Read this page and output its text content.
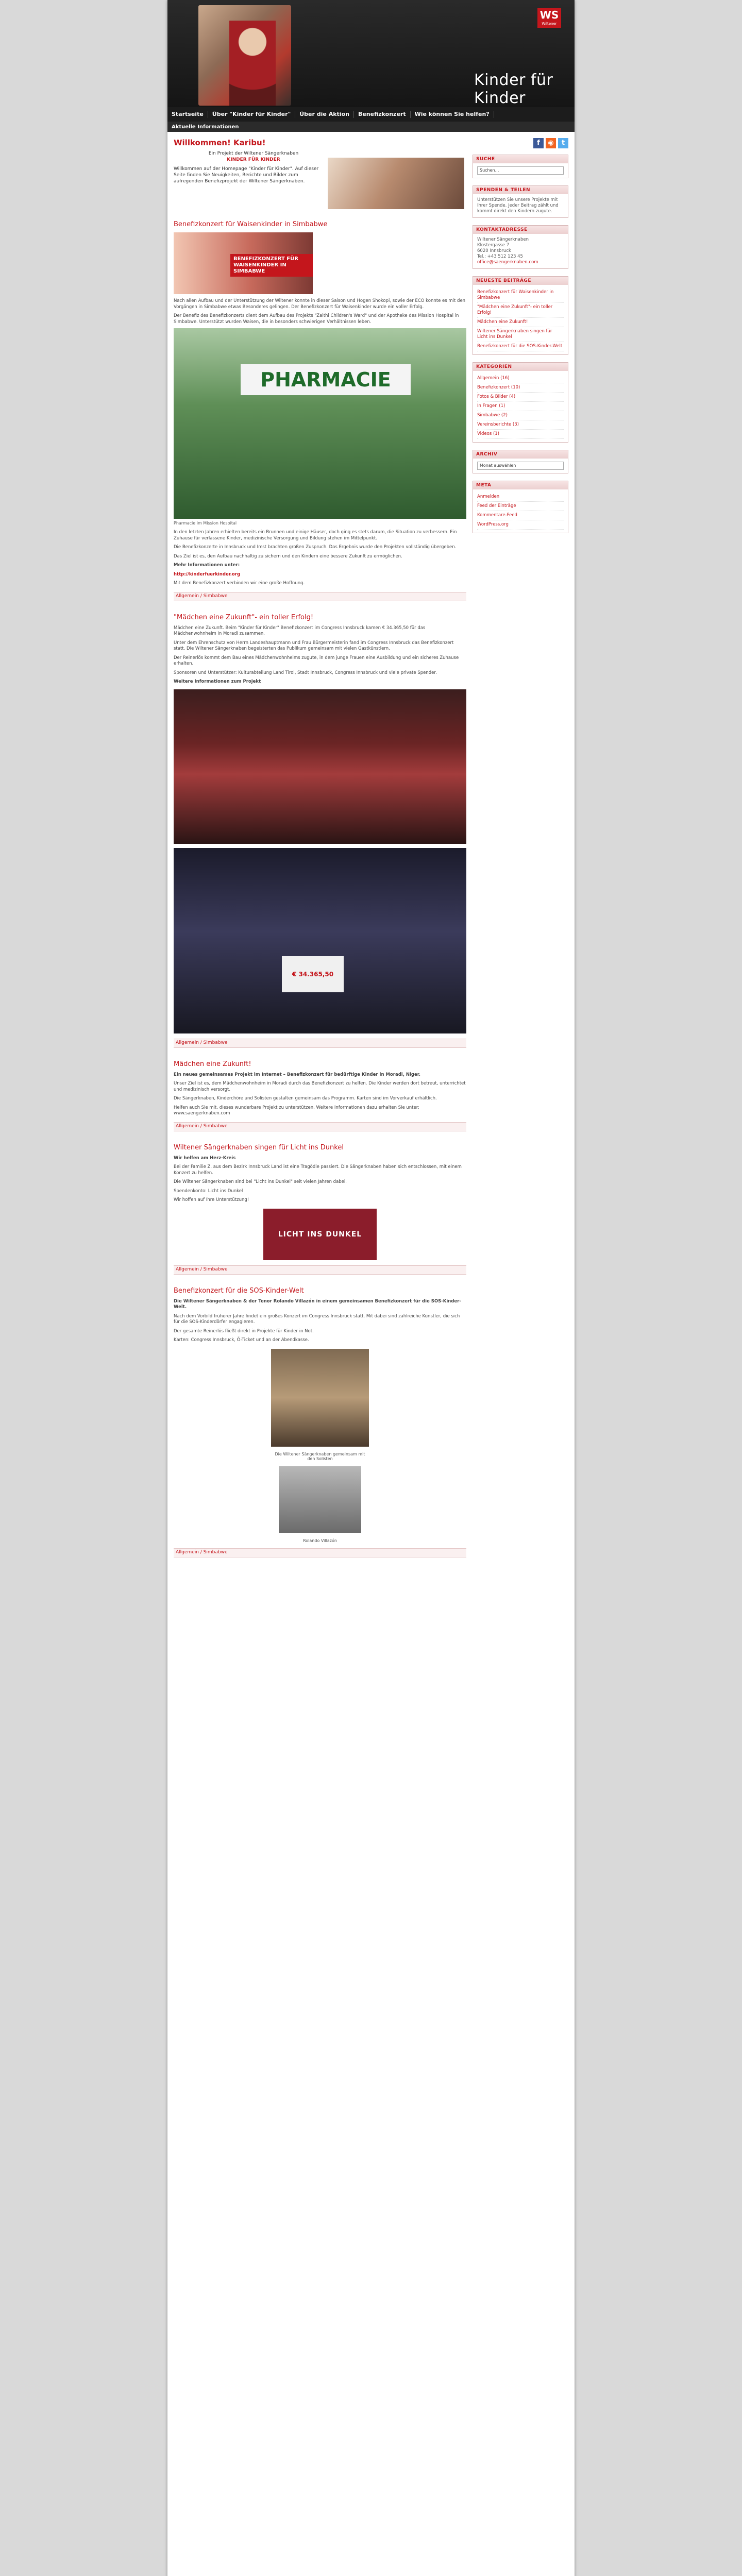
WS
Wiltener
Kinder für Kinder
Startseite	Über "Kinder für Kinder"	Über die Aktion	Benefizkonzert	Wie können Sie helfen?
Aktuelle Informationen
Willkommen! Karibu!
Ein Projekt der Wiltener Sängerknaben
KINDER FÜR KINDER
Willkommen auf der Homepage "Kinder für Kinder". Auf dieser Seite finden Sie Neuigkeiten, Berichte und Bilder zum aufregenden Benefizprojekt der Wiltener Sängerknaben.
Benefizkonzert für Waisenkinder in Simbabwe
BENEFIZKONZERT FÜR WAISENKINDER IN SIMBABWE

Nach allen Aufbau und der Unterstützung der Wiltener konnte in dieser Saison und Hogen Shokopi, sowie der ECO konnte es mit den Vorgängen in Simbabwe etwas Besonderes gelingen. Der Benefizkonzert für Waisenkinder wurde ein voller Erfolg.

Der Benefiz des Benefizkonzerts dient dem Aufbau des Projekts "Zaithi Children's Ward" und der Apotheke des Mission Hospital in Simbabwe. Unterstützt wurden Waisen, die in besonders schwierigen Verhältnissen leben.

PHARMACIE
Pharmacie im Mission Hospital

In den letzten Jahren erhielten bereits ein Brunnen und einige Häuser, doch ging es stets darum, die Situation zu verbessern. Ein Zuhause für verlassene Kinder, medizinische Versorgung und Bildung stehen im Mittelpunkt.

Die Benefizkonzerte in Innsbruck und Imst brachten großen Zuspruch. Das Ergebnis wurde den Projekten vollständig übergeben.

Das Ziel ist es, den Aufbau nachhaltig zu sichern und den Kindern eine bessere Zukunft zu ermöglichen.

Mehr Informationen unter:

http://kinderfuerkinder.org

Mit dem Benefizkonzert verbinden wir eine große Hoffnung.

Allgemein / Simbabwe
"Mädchen eine Zukunft"- ein toller Erfolg!

Mädchen eine Zukunft. Beim "Kinder für Kinder" Benefizkonzert im Congress Innsbruck kamen € 34.365,50 für das Mädchenwohnheim in Moradi zusammen.

Unter dem Ehrenschutz von Herrn Landeshauptmann und Frau Bürgermeisterin fand im Congress Innsbruck das Benefizkonzert statt. Die Wiltener Sängerknaben begeisterten das Publikum gemeinsam mit vielen Gastkünstlern.

Der Reinerlös kommt dem Bau eines Mädchenwohnheims zugute, in dem junge Frauen eine Ausbildung und ein sicheres Zuhause erhalten.

Sponsoren und Unterstützer: Kulturabteilung Land Tirol, Stadt Innsbruck, Congress Innsbruck und viele private Spender.

Weitere Informationen zum Projekt

€ 34.365,50
Allgemein / Simbabwe
Mädchen eine Zukunft!

Ein neues gemeinsames Projekt im Internet – Benefizkonzert für bedürftige Kinder in Moradi, Niger.

Unser Ziel ist es, dem Mädchenwohnheim in Moradi durch das Benefizkonzert zu helfen. Die Kinder werden dort betreut, unterrichtet und medizinisch versorgt.

Die Sängerknaben, Kinderchöre und Solisten gestalten gemeinsam das Programm. Karten sind im Vorverkauf erhältlich.

Helfen auch Sie mit, dieses wunderbare Projekt zu unterstützen. Weitere Informationen dazu erhalten Sie unter: www.saengerknaben.com

Allgemein / Simbabwe
Wiltener Sängerknaben singen für Licht ins Dunkel

Wir helfen am Herz-Kreis

Bei der Familie Z. aus dem Bezirk Innsbruck Land ist eine Tragödie passiert. Die Sängerknaben haben sich entschlossen, mit einem Konzert zu helfen.

Die Wiltener Sängerknaben sind bei "Licht ins Dunkel" seit vielen Jahren dabei.

Spendenkonto: Licht ins Dunkel

Wir hoffen auf Ihre Unterstützung!

LICHT INS DUNKEL
Allgemein / Simbabwe
Benefizkonzert für die SOS-Kinder-Welt

Die Wiltener Sängerknaben & der Tenor Rolando Villazón in einem gemeinsamen Benefizkonzert für die SOS-Kinder-Welt.

Nach dem Vorbild früherer Jahre findet ein großes Konzert im Congress Innsbruck statt. Mit dabei sind zahlreiche Künstler, die sich für die SOS-Kinderdörfer engagieren.

Der gesamte Reinerlös fließt direkt in Projekte für Kinder in Not.

Karten: Congress Innsbruck, Ö-Ticket und an der Abendkasse.

Die Wiltener Sängerknaben gemeinsam mit den Solisten
Rolando Villazón
Allgemein / Simbabwe
f	◉	t
SUCHE
Suchen...
SPENDEN & TEILEN
Unterstützen Sie unsere Projekte mit Ihrer Spende. Jeder Beitrag zählt und kommt direkt den Kindern zugute.
KONTAKTADRESSE
Wiltener Sängerknaben
Klostergasse 7
6020 Innsbruck
Tel.: +43 512 123 45
office@saengerknaben.com
NEUESTE BEITRÄGE
Benefizkonzert für Waisenkinder in Simbabwe
"Mädchen eine Zukunft"- ein toller Erfolg!
Mädchen eine Zukunft!
Wiltener Sängerknaben singen für Licht ins Dunkel
Benefizkonzert für die SOS-Kinder-Welt
KATEGORIEN
Allgemein (16)
Benefizkonzert (10)
Fotos & Bilder (4)
In Fragen (1)
Simbabwe (2)
Vereinsberichte (3)
Videos (1)
ARCHIV
Monat auswählen
META
Anmelden
Feed der Einträge
Kommentare-Feed
WordPress.org
